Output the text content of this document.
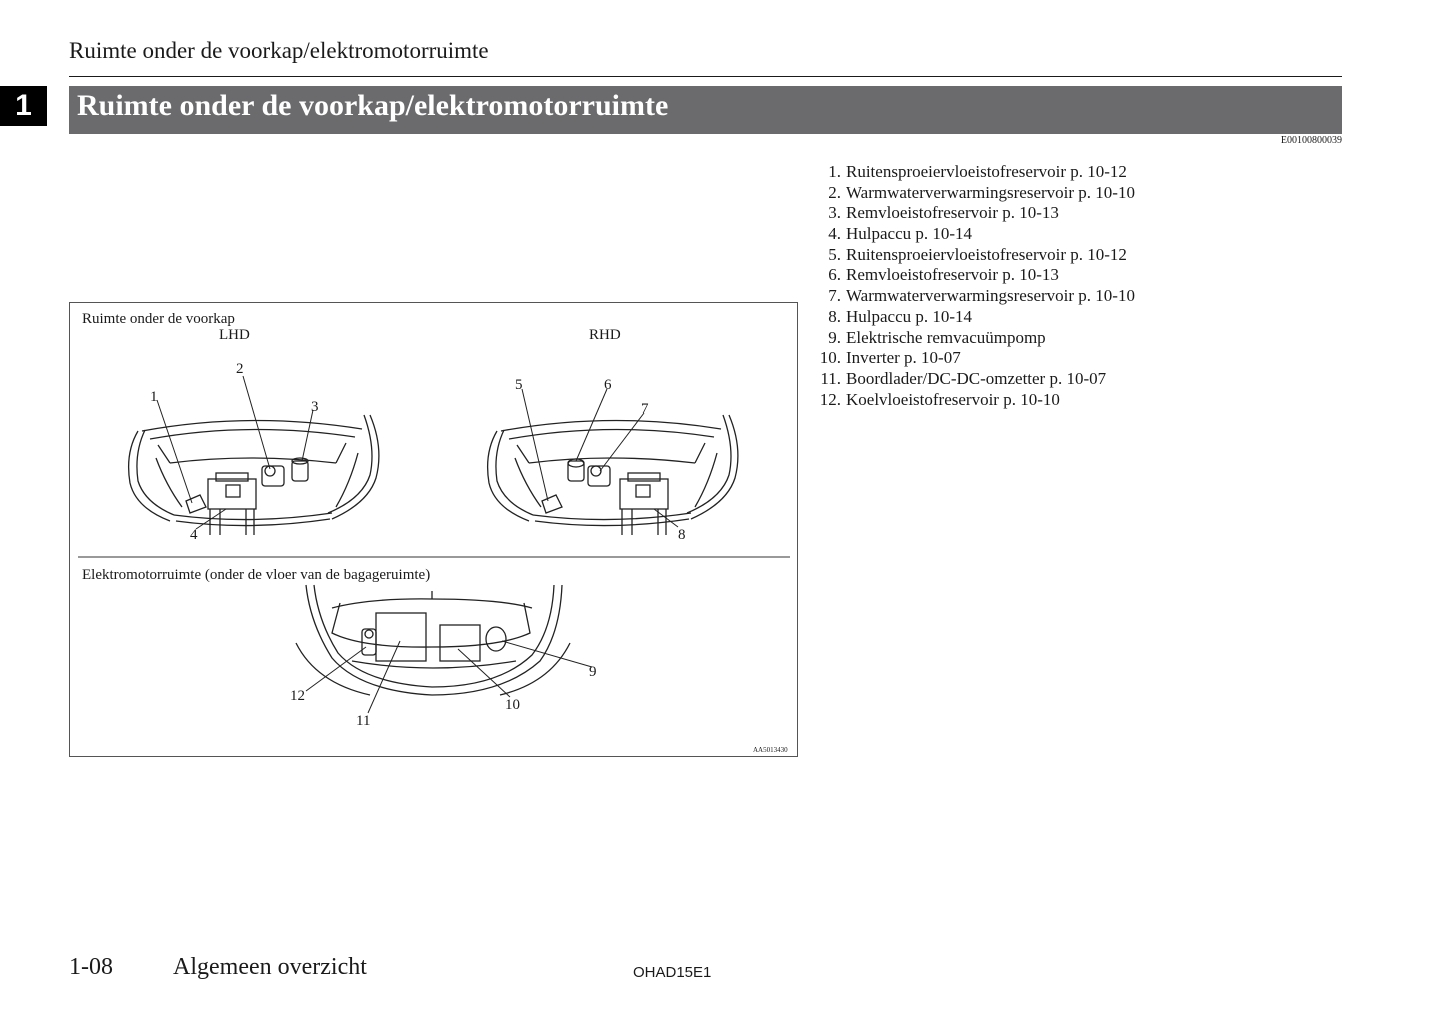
Ruimte onder de voorkap/elektromotorruimte
1	Ruimte onder de voorkap/elektromotorruimte
E00100800039
1. Ruitensproeiervloeistofreservoir p. 10-12
2. Warmwaterverwarmingsreservoir p. 10-10
3. Remvloeistofreservoir p. 10-13
4. Hulpaccu p. 10-14
5. Ruitensproeiervloeistofreservoir p. 10-12
6. Remvloeistofreservoir p. 10-13
7. Warmwaterverwarmingsreservoir p. 10-10
8. Hulpaccu p. 10-14
9. Elektrische remvacuümpomp
10. Inverter p. 10-07
11. Boordlader/DC-DC-omzetter p. 10-07
12. Koelvloeistofreservoir p. 10-10
Ruimte onder de voorkap
LHD	RHD
Elektromotorruimte (onder de vloer van de bagageruimte)
AA5013430
1
2
3
4
5	6
7
8
9
10
11
12
1-08	Algemeen overzicht	OHAD15E1
